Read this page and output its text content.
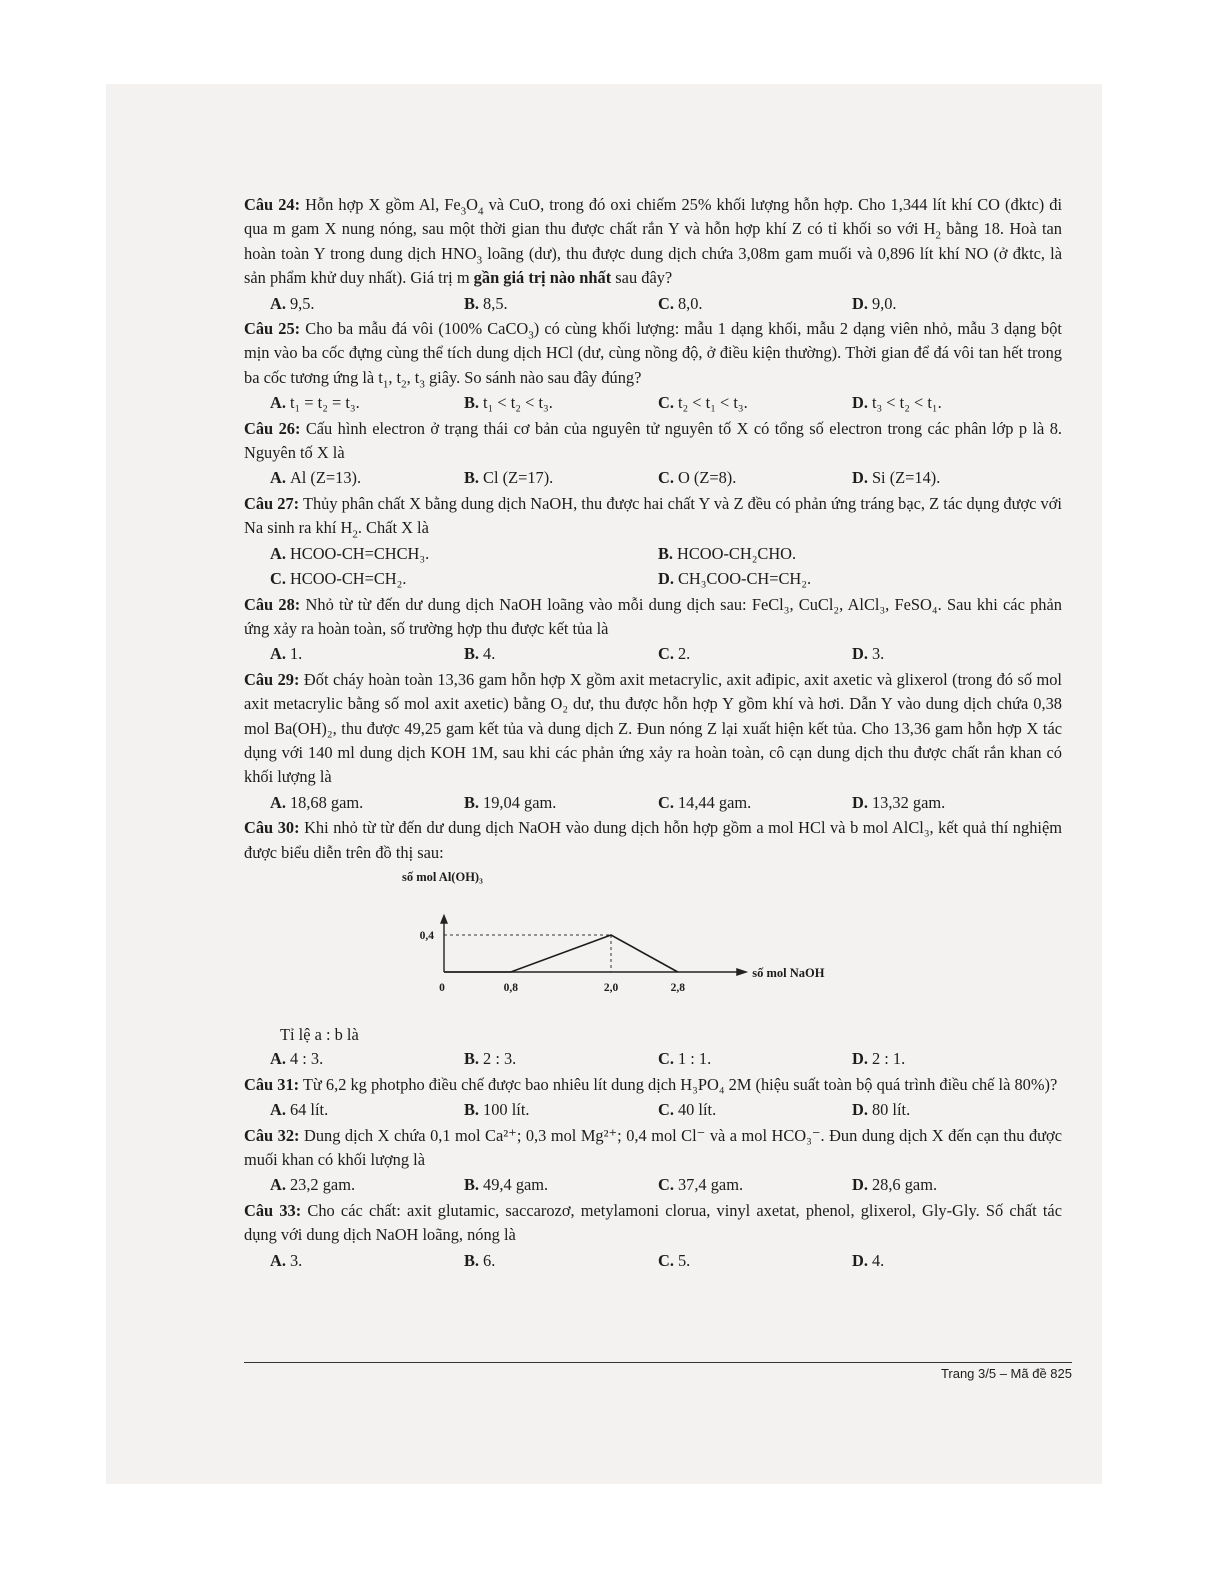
Câu 24: Hỗn hợp X gồm Al, $Fe_3O_4$ và CuO, trong đó oxi chiếm 25% khối lượng hỗn hợp. Cho 1,344 lít khí CO (đktc) đi qua m gam X nung nóng, sau một thời gian thu được chất rắn Y và hỗn hợp khí Z có tỉ khối so với $H_2$ bằng 18. Hoà tan hoàn toàn Y trong dung dịch $HNO_3$ loãng (dư), thu được dung dịch chứa 3,08m gam muối và 0,896 lít khí NO (ở đktc, là sản phẩm khử duy nhất). Giá trị m gần giá trị nào nhất sau đây?
A. 9,5.	B. 8,5.	C. 8,0.	D. 9,0.
Câu 25: Cho ba mẫu đá vôi (100% CaCO$_3$) có cùng khối lượng: mẫu 1 dạng khối, mẫu 2 dạng viên nhỏ, mẫu 3 dạng bột mịn vào ba cốc đựng cùng thể tích dung dịch HCl (dư, cùng nồng độ, ở điều kiện thường). Thời gian để đá vôi tan hết trong ba cốc tương ứng là $t_1$, $t_2$, $t_3$ giây. So sánh nào sau đây đúng?
A. t₁ = t₂ = t₃.	B. t₁ < t₂ < t₃.	C. t₂ < t₁ < t₃.	D. t₃ < t₂ < t₁.
Câu 26: Cấu hình electron ở trạng thái cơ bản của nguyên tử nguyên tố X có tổng số electron trong các phân lớp p là 8. Nguyên tố X là
A. Al (Z=13).	B. Cl (Z=17).	C. O (Z=8).	D. Si (Z=14).
Câu 27: Thủy phân chất X bằng dung dịch NaOH, thu được hai chất Y và Z đều có phản ứng tráng bạc, Z tác dụng được với Na sinh ra khí $H_2$. Chất X là
A. HCOO-CH=CHCH₃.	B. HCOO-CH₂CHO.
C. HCOO-CH=CH₂.	D. CH₃COO-CH=CH₂.
Câu 28: Nhỏ từ từ đến dư dung dịch NaOH loãng vào mỗi dung dịch sau: FeCl₃, CuCl₂, AlCl₃, FeSO₄. Sau khi các phản ứng xảy ra hoàn toàn, số trường hợp thu được kết tủa là
A. 1.	B. 4.	C. 2.	D. 3.
Câu 29: Đốt cháy hoàn toàn 13,36 gam hỗn hợp X gồm axit metacrylic, axit ađipic, axit axetic và glixerol (trong đó số mol axit metacrylic bằng số mol axit axetic) bằng O₂ dư, thu được hỗn hợp Y gồm khí và hơi. Dẫn Y vào dung dịch chứa 0,38 mol Ba(OH)₂, thu được 49,25 gam kết tủa và dung dịch Z. Đun nóng Z lại xuất hiện kết tủa. Cho 13,36 gam hỗn hợp X tác dụng với 140 ml dung dịch KOH 1M, sau khi các phản ứng xảy ra hoàn toàn, cô cạn dung dịch thu được chất rắn khan có khối lượng là
A. 18,68 gam.	B. 19,04 gam.	C. 14,44 gam.	D. 13,32 gam.
Câu 30: Khi nhỏ từ từ đến dư dung dịch NaOH vào dung dịch hỗn hợp gồm a mol HCl và b mol AlCl₃, kết quả thí nghiệm được biểu diễn trên đồ thị sau:
0	0,8	2,0	2,8
0,4
số mol Al(OH)₃
số mol NaOH
Tỉ lệ a : b là
A. 4 : 3.	B. 2 : 3.	C. 1 : 1.	D. 2 : 1.
Câu 31: Từ 6,2 kg photpho điều chế được bao nhiêu lít dung dịch H₃PO₄ 2M (hiệu suất toàn bộ quá trình điều chế là 80%)?
A. 64 lít.	B. 100 lít.	C. 40 lít.	D. 80 lít.
Câu 32: Dung dịch X chứa 0,1 mol Ca²⁺; 0,3 mol Mg²⁺; 0,4 mol Cl⁻ và a mol HCO₃⁻. Đun dung dịch X đến cạn thu được muối khan có khối lượng là
A. 23,2 gam.	B. 49,4 gam.	C. 37,4 gam.	D. 28,6 gam.
Câu 33: Cho các chất: axit glutamic, saccarozơ, metylamoni clorua, vinyl axetat, phenol, glixerol, Gly-Gly. Số chất tác dụng với dung dịch NaOH loãng, nóng là
A. 3.	B. 6.	C. 5.	D. 4.
Trang 3/5 – Mã đề 825
